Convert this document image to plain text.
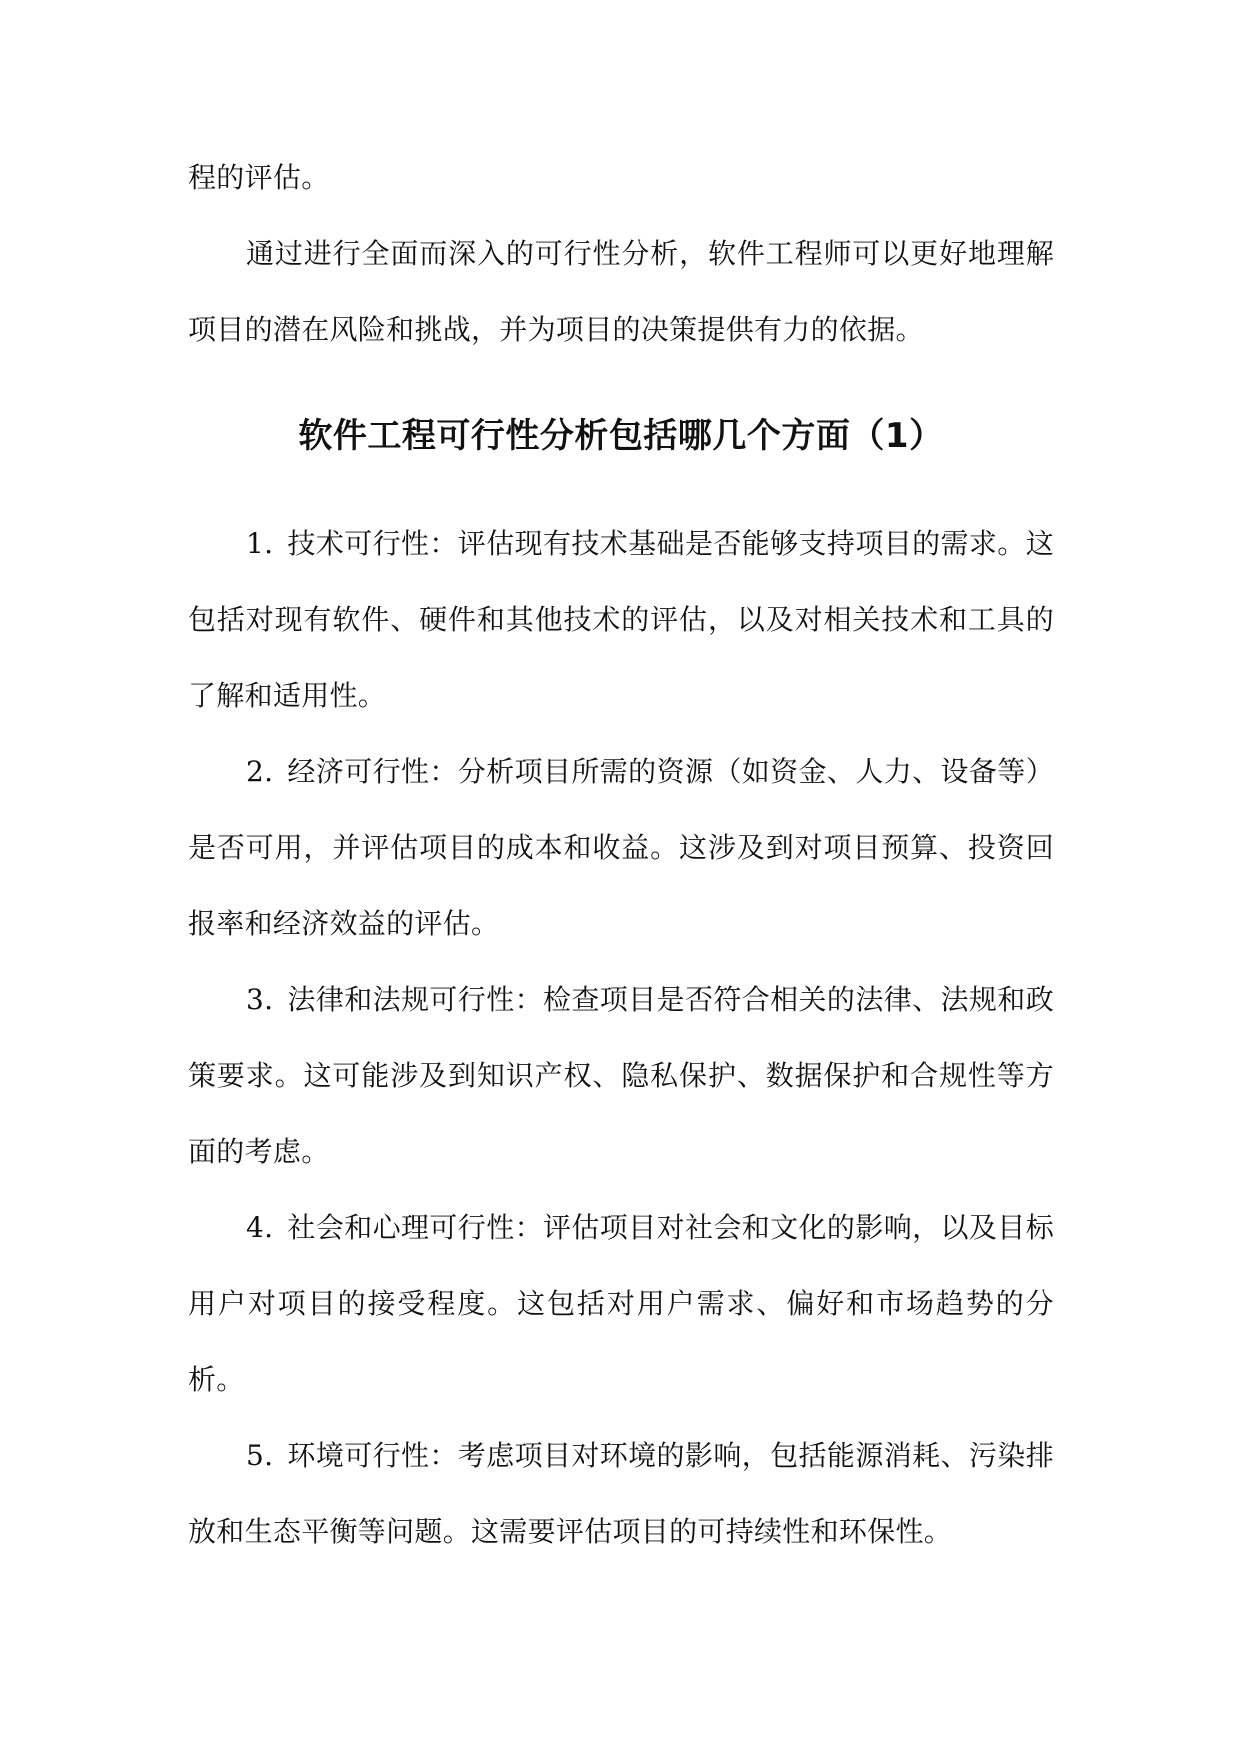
程的评估。

通过进行全面而深入的可行性分析，软件工程师可以更好地理解项目的潜在风险和挑战，并为项目的决策提供有力的依据。

软件工程可行性分析包括哪几个方面（1）

1. 技术可行性：评估现有技术基础是否能够支持项目的需求。这包括对现有软件、硬件和其他技术的评估，以及对相关技术和工具的了解和适用性。

2. 经济可行性：分析项目所需的资源（如资金、人力、设备等）是否可用，并评估项目的成本和收益。这涉及到对项目预算、投资回报率和经济效益的评估。

3. 法律和法规可行性：检查项目是否符合相关的法律、法规和政策要求。这可能涉及到知识产权、隐私保护、数据保护和合规性等方面的考虑。

4. 社会和心理可行性：评估项目对社会和文化的影响，以及目标用户对项目的接受程度。这包括对用户需求、偏好和市场趋势的分析。

5. 环境可行性：考虑项目对环境的影响，包括能源消耗、污染排放和生态平衡等问题。这需要评估项目的可持续性和环保性。
